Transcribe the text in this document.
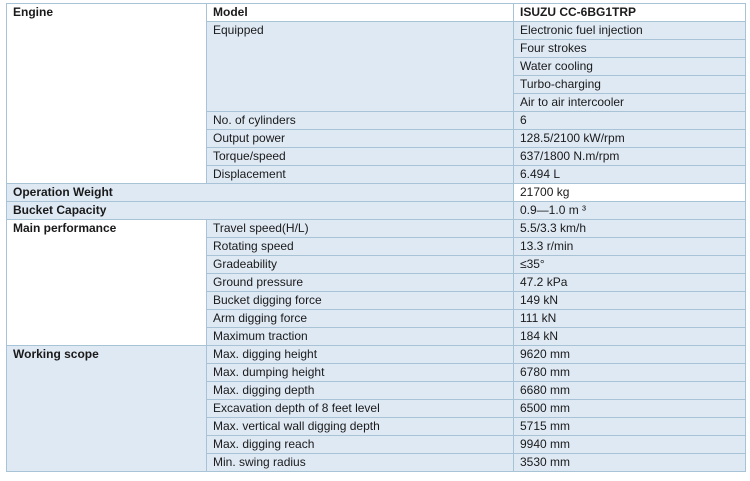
Engine	Model	ISUZU CC-6BG1TRP
	Equipped	Electronic fuel injection
		Four strokes
		Water cooling
		Turbo-charging
		Air to air intercooler
	No. of cylinders	6
	Output power	128.5/2100 kW/rpm
	Torque/speed	637/1800 N.m/rpm
	Displacement	6.494 L
Operation Weight		21700 kg
Bucket Capacity		0.9—1.0 m ³
Main performance	Travel speed(H/L)	5.5/3.3 km/h
	Rotating speed	13.3 r/min
	Gradeability	≤35°
	Ground pressure	47.2 kPa
	Bucket digging force	149 kN
	Arm digging force	111 kN
	Maximum traction	184 kN
Working scope	Max. digging height	9620 mm
	Max. dumping height	6780 mm
	Max. digging depth	6680 mm
	Excavation depth of 8 feet level	6500 mm
	Max. vertical wall digging depth	5715 mm
	Max. digging reach	9940 mm
	Min. swing radius	3530 mm
